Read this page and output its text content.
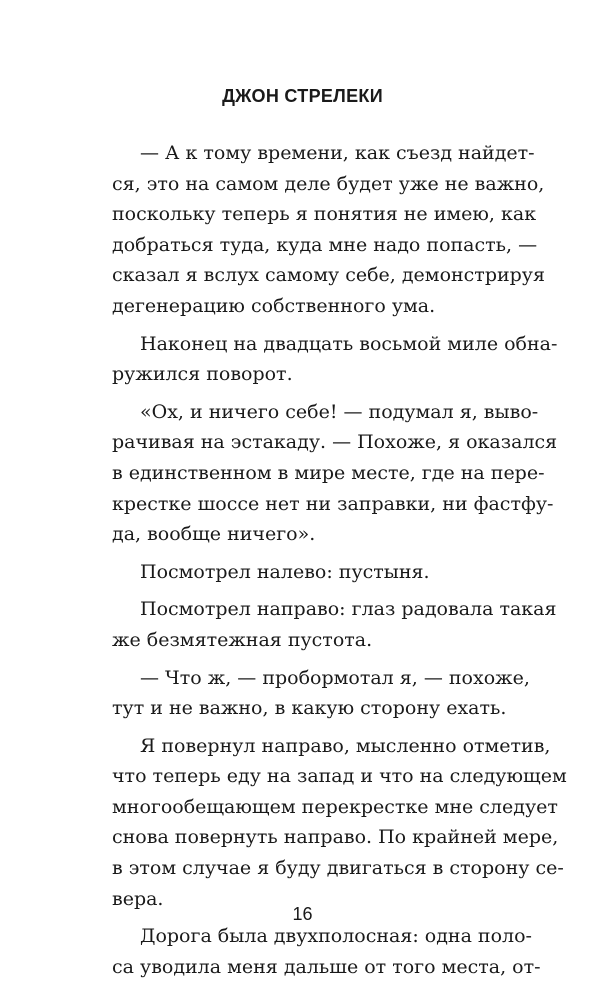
ДЖОН СТРЕЛЕКИ
— А к тому времени, как съезд найдет-
ся, это на самом деле будет уже не важно,
поскольку теперь я понятия не имею, как
добраться туда, куда мне надо попасть, —
сказал я вслух самому себе, демонстрируя
дегенерацию собственного ума.
Наконец на двадцать восьмой миле обна-
ружился поворот.
«Ох, и ничего себе! — подумал я, выво-
рачивая на эстакаду. — Похоже, я оказался
в единственном в мире месте, где на пере-
крестке шоссе нет ни заправки, ни фастфу-
да, вообще ничего».
Посмотрел налево: пустыня.
Посмотрел направо: глаз радовала такая
же безмятежная пустота.
— Что ж, — пробормотал я, — похоже,
тут и не важно, в какую сторону ехать.
Я повернул направо, мысленно отметив,
что теперь еду на запад и что на следующем
многообещающем перекрестке мне следует
снова повернуть направо. По крайней мере,
в этом случае я буду двигаться в сторону се-
вера.
Дорога была двухполосная: одна поло-
са уводила меня дальше от того места, от-
16
